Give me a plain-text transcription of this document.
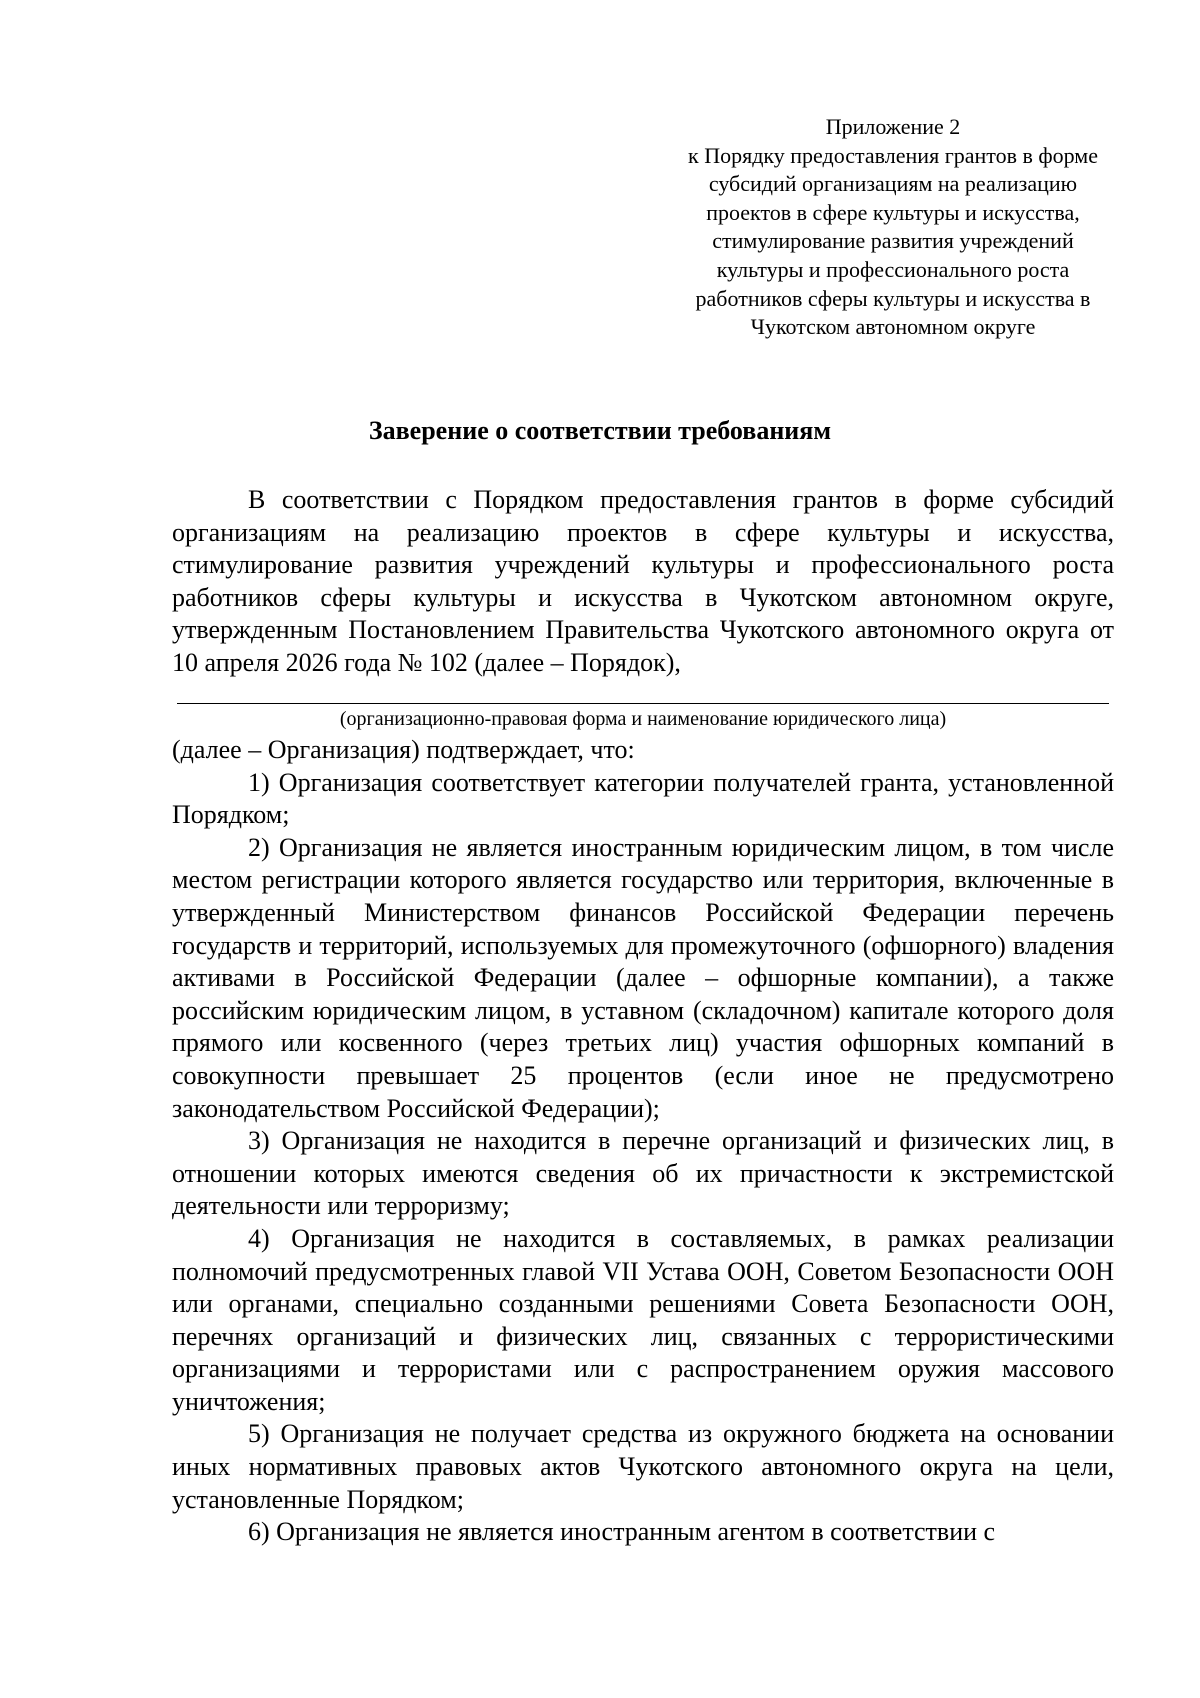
Приложение 2
к Порядку предоставления грантов в форме
субсидий организациям на реализацию
проектов в сфере культуры и искусства,
стимулирование развития учреждений
культуры и профессионального роста
работников сферы культуры и искусства в
Чукотском автономном округе
Заверение о соответствии требованиям

В соответствии с Порядком предоставления грантов в форме субсидий организациям на реализацию проектов в сфере культуры и искусства, стимулирование развития учреждений культуры и профессионального роста работников сферы культуры и искусства в Чукотском автономном округе, утвержденным Постановлением Правительства Чукотского автономного округа от 10 апреля 2026 года № 102 (далее – Порядок),

(организационно-правовая форма и наименование юридического лица)

(далее – Организация) подтверждает, что:

1) Организация соответствует категории получателей гранта, установленной Порядком;

2) Организация не является иностранным юридическим лицом, в том числе местом регистрации которого является государство или территория, включенные в утвержденный Министерством финансов Российской Федерации перечень государств и территорий, используемых для промежуточного (офшорного) владения активами в Российской Федерации (далее – офшорные компании), а также российским юридическим лицом, в уставном (складочном) капитале которого доля прямого или косвенного (через третьих лиц) участия офшорных компаний в совокупности превышает 25 процентов (если иное не предусмотрено законодательством Российской Федерации);

3) Организация не находится в перечне организаций и физических лиц, в отношении которых имеются сведения об их причастности к экстремистской деятельности или терроризму;

4) Организация не находится в составляемых, в рамках реализации полномочий предусмотренных главой VII Устава ООН, Советом Безопасности ООН или органами, специально созданными решениями Совета Безопасности ООН, перечнях организаций и физических лиц, связанных с террористическими организациями и террористами или с распространением оружия массового уничтожения;

5) Организация не получает средства из окружного бюджета на основании иных нормативных правовых актов Чукотского автономного округа на цели, установленные Порядком;

6) Организация не является иностранным агентом в соответствии с
